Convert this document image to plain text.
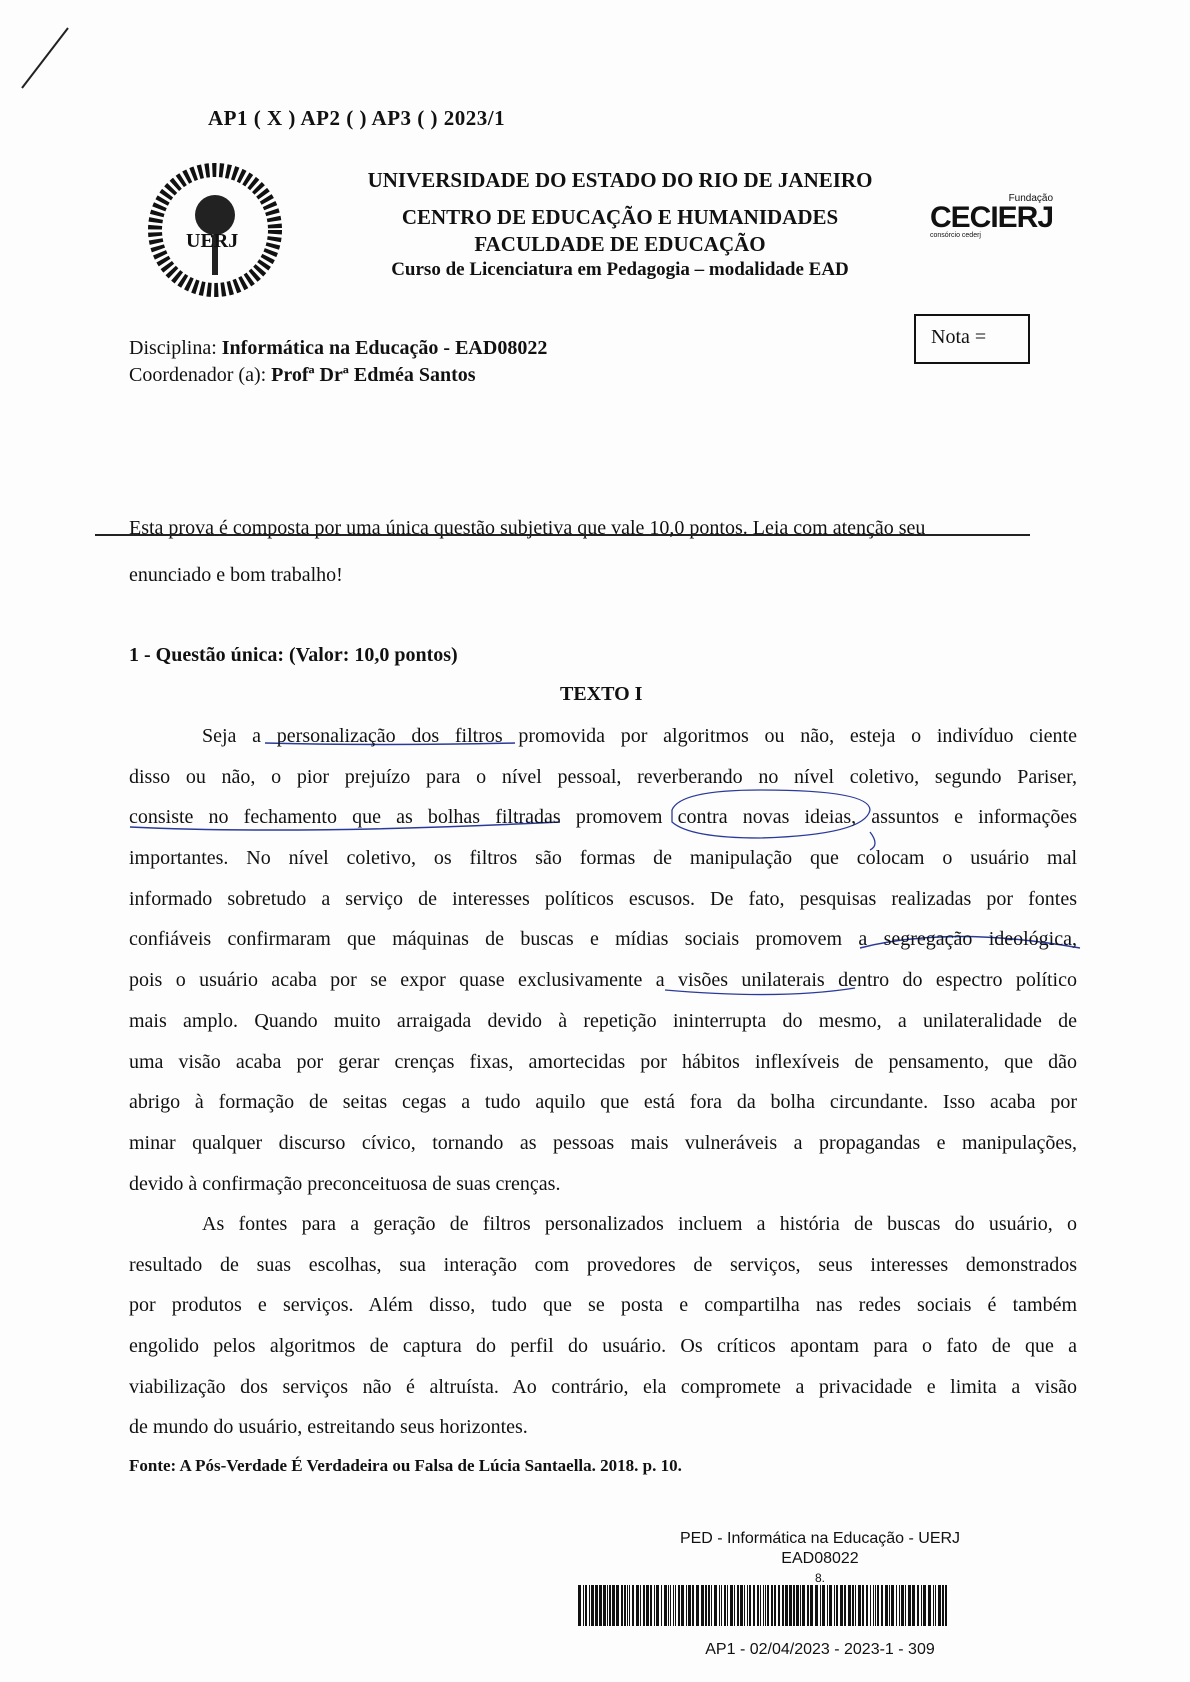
AP1 ( X ) AP2 ( ) AP3 ( ) 2023/1
UERJ
UNIVERSIDADE DO ESTADO DO RIO DE JANEIRO
CENTRO DE EDUCAÇÃO E HUMANIDADES
FACULDADE DE EDUCAÇÃO
Curso de Licenciatura em Pedagogia – modalidade EAD
Fundação
CECIERJ
consórcio cederj
Nota =
Disciplina: Informática na Educação - EAD08022
Coordenador (a): Profª Drª Edméa Santos
Esta prova é composta por uma única questão subjetiva que vale 10,0 pontos. Leia com atenção seu
enunciado e bom trabalho!
1 - Questão única: (Valor: 10,0 pontos)
TEXTO I
Seja a personalização dos filtros promovida por algoritmos ou não, esteja o indivíduo ciente
disso ou não, o pior prejuízo para o nível pessoal, reverberando no nível coletivo, segundo Pariser,
consiste no fechamento que as bolhas filtradas promovem contra novas ideias, assuntos e informações
importantes. No nível coletivo, os filtros são formas de manipulação que colocam o usuário mal
informado sobretudo a serviço de interesses políticos escusos. De fato, pesquisas realizadas por fontes
confiáveis confirmaram que máquinas de buscas e mídias sociais promovem a segregação ideológica,
pois o usuário acaba por se expor quase exclusivamente a visões unilaterais dentro do espectro político
mais amplo. Quando muito arraigada devido à repetição ininterrupta do mesmo, a unilateralidade de
uma visão acaba por gerar crenças fixas, amortecidas por hábitos inflexíveis de pensamento, que dão
abrigo à formação de seitas cegas a tudo aquilo que está fora da bolha circundante. Isso acaba por
minar qualquer discurso cívico, tornando as pessoas mais vulneráveis a propagandas e manipulações,
devido à confirmação preconceituosa de suas crenças.
As fontes para a geração de filtros personalizados incluem a história de buscas do usuário, o
resultado de suas escolhas, sua interação com provedores de serviços, seus interesses demonstrados
por produtos e serviços. Além disso, tudo que se posta e compartilha nas redes sociais é também
engolido pelos algoritmos de captura do perfil do usuário. Os críticos apontam para o fato de que a
viabilização dos serviços não é altruísta. Ao contrário, ela compromete a privacidade e limita a visão
de mundo do usuário, estreitando seus horizontes.
Fonte: A Pós-Verdade É Verdadeira ou Falsa de Lúcia Santaella. 2018. p. 10.
PED - Informática na Educação - UERJ
EAD08022
8.
AP1 - 02/04/2023 - 2023-1 - 309
